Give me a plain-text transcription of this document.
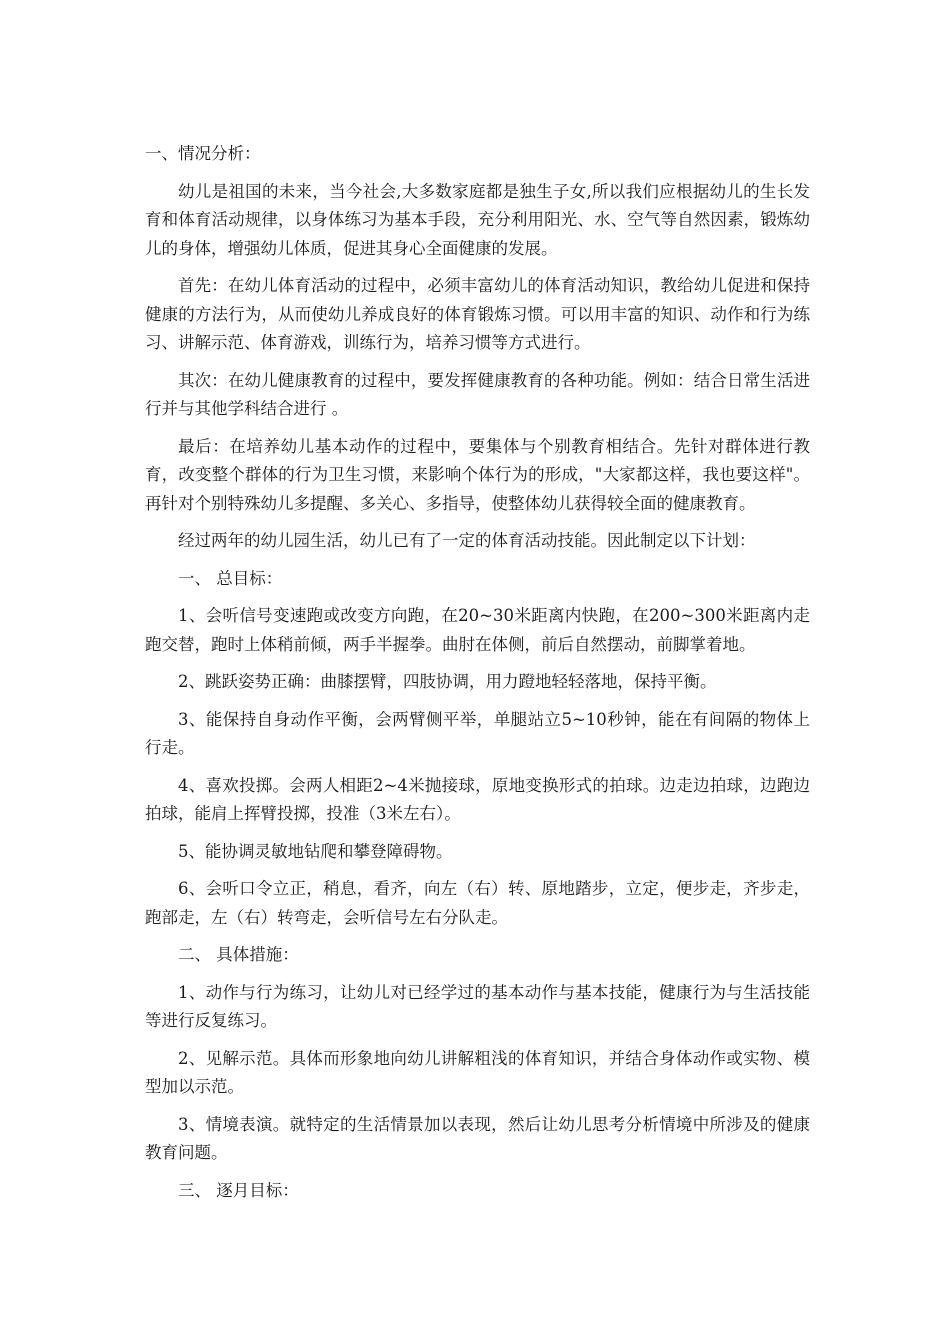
一、情况分析：

幼儿是祖国的未来，当今社会,大多数家庭都是独生子女,所以我们应根据幼儿的生长发育和体育活动规律，以身体练习为基本手段，充分利用阳光、水、空气等自然因素，锻炼幼儿的身体，增强幼儿体质，促进其身心全面健康的发展。

首先：在幼儿体育活动的过程中，必须丰富幼儿的体育活动知识，教给幼儿促进和保持健康的方法行为，从而使幼儿养成良好的体育锻炼习惯。可以用丰富的知识、动作和行为练习、讲解示范、体育游戏，训练行为，培养习惯等方式进行。

其次：在幼儿健康教育的过程中，要发挥健康教育的各种功能。例如：结合日常生活进行并与其他学科结合进行 。

最后：在培养幼儿基本动作的过程中，要集体与个别教育相结合。先针对群体进行教育，改变整个群体的行为卫生习惯，来影响个体行为的形成，"大家都这样，我也要这样"。再针对个别特殊幼儿多提醒、多关心、多指导，使整体幼儿获得较全面的健康教育。

经过两年的幼儿园生活，幼儿已有了一定的体育活动技能。因此制定以下计划：

一、 总目标：

1、会听信号变速跑或改变方向跑，在20~30米距离内快跑，在200~300米距离内走跑交替，跑时上体稍前倾，两手半握拳。曲肘在体侧，前后自然摆动，前脚掌着地。

2、跳跃姿势正确：曲膝摆臂，四肢协调，用力蹬地轻轻落地，保持平衡。

3、能保持自身动作平衡，会两臂侧平举，单腿站立5~10秒钟，能在有间隔的物体上行走。

4、喜欢投掷。会两人相距2~4米抛接球，原地变换形式的拍球。边走边拍球，边跑边拍球，能肩上挥臂投掷，投准（3米左右）。

5、能协调灵敏地钻爬和攀登障碍物。

6、会听口令立正，稍息，看齐，向左（右）转、原地踏步，立定，便步走，齐步走，跑部走，左（右）转弯走，会听信号左右分队走。

二、 具体措施：

1、动作与行为练习，让幼儿对已经学过的基本动作与基本技能，健康行为与生活技能等进行反复练习。

2、见解示范。具体而形象地向幼儿讲解粗浅的体育知识，并结合身体动作或实物、模型加以示范。

3、情境表演。就特定的生活情景加以表现，然后让幼儿思考分析情境中所涉及的健康教育问题。

三、 逐月目标：
